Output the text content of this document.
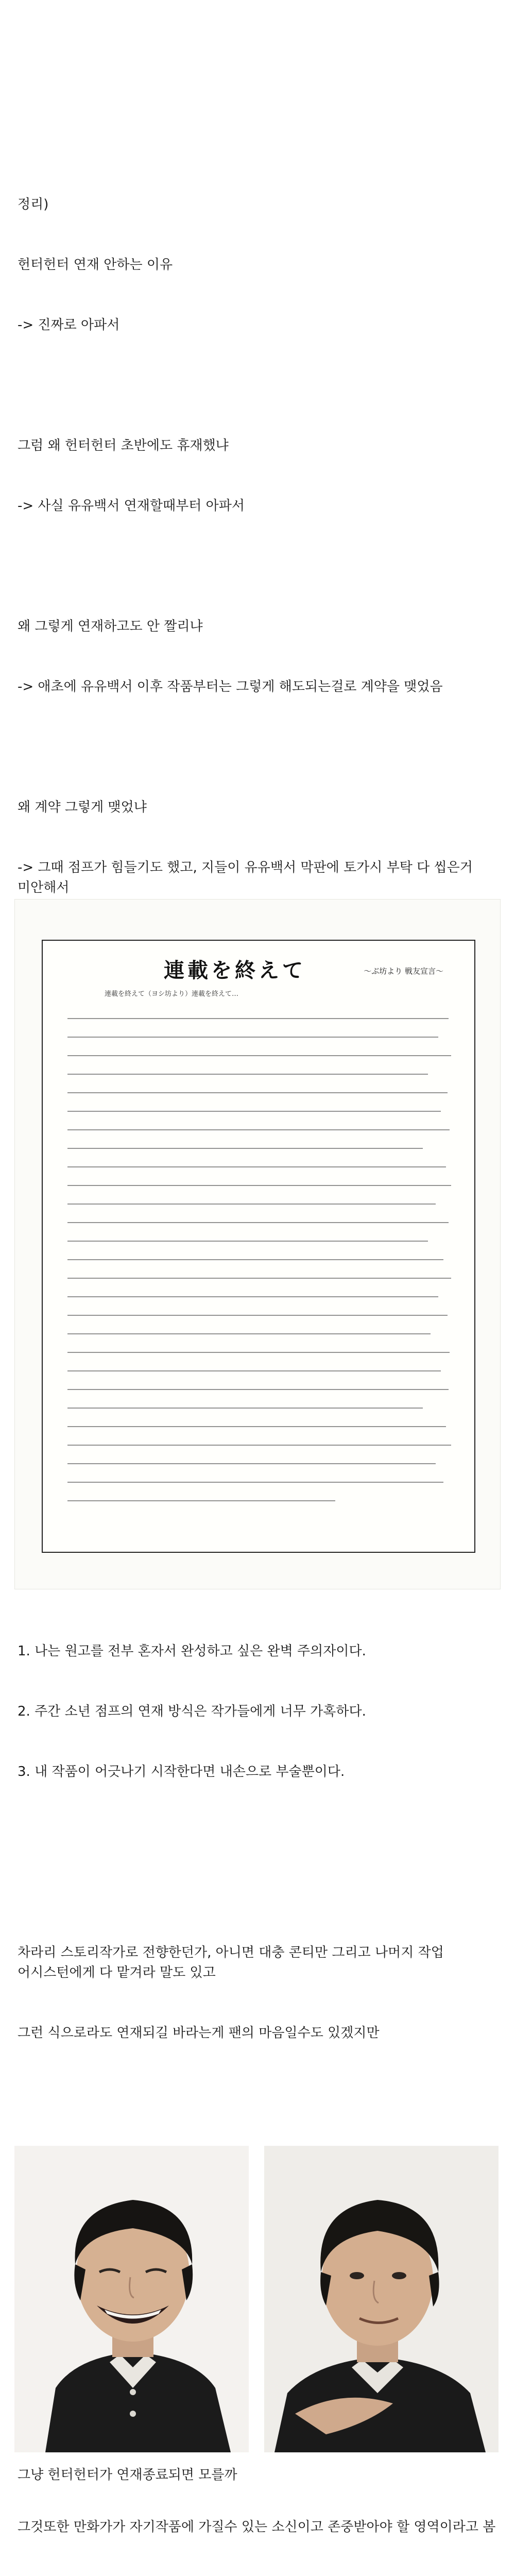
정리)

헌터헌터 연재 안하는 이유

-> 진짜로 아파서

그럼 왜 헌터헌터 초반에도 휴재했냐

-> 사실 유유백서 연재할때부터 아파서

왜 그렇게 연재하고도 안 짤리냐

-> 애초에 유유백서 이후 작품부터는 그렇게 해도되는걸로 계약을 맺었음

왜 계약 그렇게 맺었냐

-> 그때 점프가 힘들기도 했고, 지들이 유유백서 막판에 토가시 부탁 다 씹은거 미안해서

連載を終えて	～ぶ坊より 戦友宣言～
連載を終えて（ヨシ坊より）連載を終えて…

1. 나는 원고를 전부 혼자서 완성하고 싶은 완벽 주의자이다.

2. 주간 소년 점프의 연재 방식은 작가들에게 너무 가혹하다.

3. 내 작품이 어긋나기 시작한다면 내손으로 부술뿐이다.

차라리 스토리작가로 전향한던가, 아니면 대충 콘티만 그리고 나머지 작업 어시스턴에게 다 맡겨라 말도 있고

그런 식으로라도 연재되길 바라는게 팬의 마음일수도 있겠지만

그냥 헌터헌터가 연재종료되면 모를까

그것또한 만화가가 자기작품에 가질수 있는 소신이고 존중받아야 할 영역이라고 봄
